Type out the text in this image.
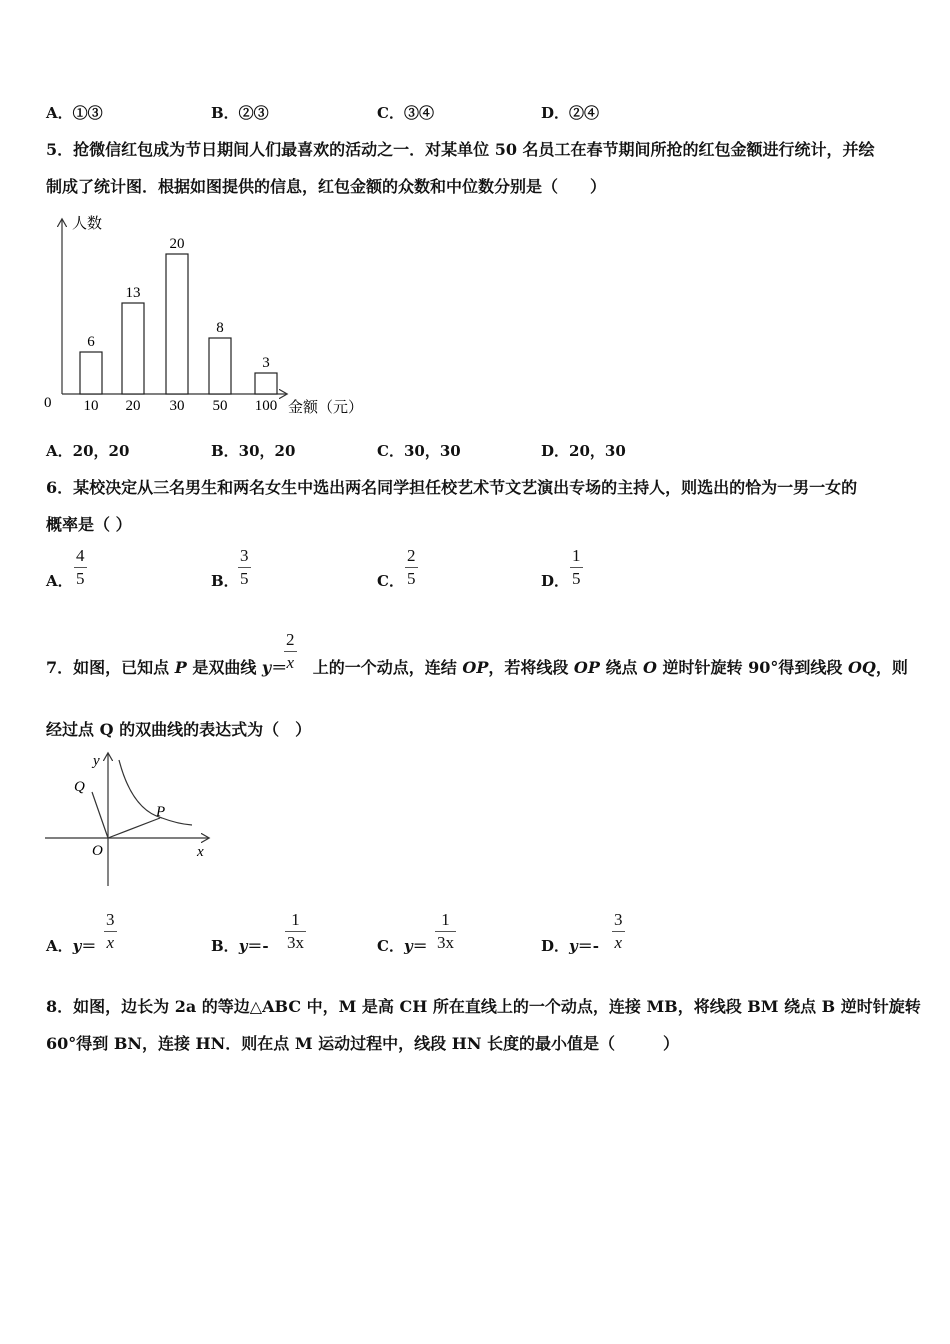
A．①③	B．②③	C．③④	D．②④
5．抢微信红包成为节日期间人们最喜欢的活动之一．对某单位 50 名员工在春节期间所抢的红包金额进行统计，并绘
制成了统计图．根据如图提供的信息，红包金额的众数和中位数分别是（　　）
人数
金额（元）
0
6
10
13
20
20
30
8
50
3
100
A．20，20	B．30，20	C．30，30	D．20，30
6．某校决定从三名男生和两名女生中选出两名同学担任校艺术节文艺演出专场的主持人，则选出的恰为一男一女的
概率是（ ）
A．
4
5	B．
3
5	C．
2
5	D．
1
5
7．如图，已知点 P 是双曲线 y＝ 上的一个动点，连结 OP，若将线段 OP 绕点 O 逆时针旋转 90°得到线段 OQ，则
2
x
经过点 Q 的双曲线的表达式为（　）
y
Q
P
O	x
A．y＝
3
x	B．y＝-
1
3x	C．y＝
1
3x	D．y＝-
3
x
8．如图，边长为 2a 的等边△ABC 中，M 是高 CH 所在直线上的一个动点，连接 MB，将线段 BM 绕点 B 逆时针旋转
60°得到 BN，连接 HN．则在点 M 运动过程中，线段 HN 长度的最小值是（　　　）
